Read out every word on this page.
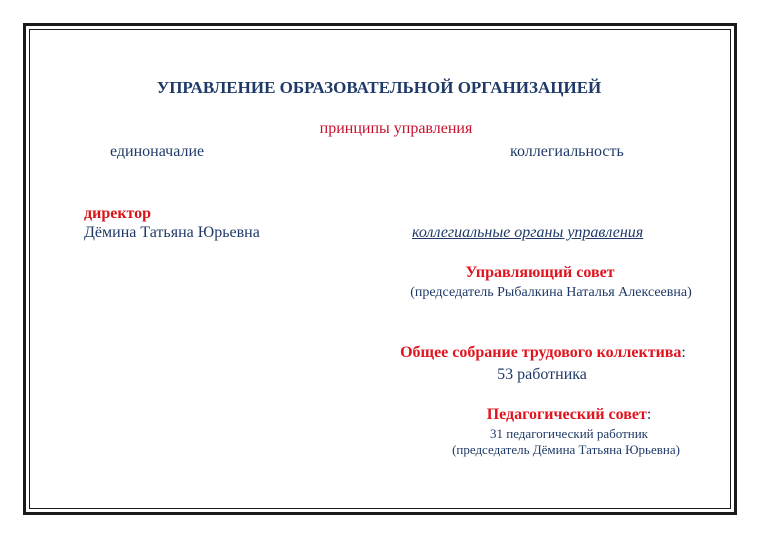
УПРАВЛЕНИЕ ОБРАЗОВАТЕЛЬНОЙ ОРГАНИЗАЦИЕЙ
принципы управления
единоначалие	коллегиальность
директор
Дёмина Татьяна Юрьевна	коллегиальные органы управления
Управляющий совет
(председатель Рыбалкина Наталья Алексеевна)
Общее собрание трудового коллектива:
53 работника
Педагогический совет:
31 педагогический работник
(председатель Дёмина Татьяна Юрьевна)
